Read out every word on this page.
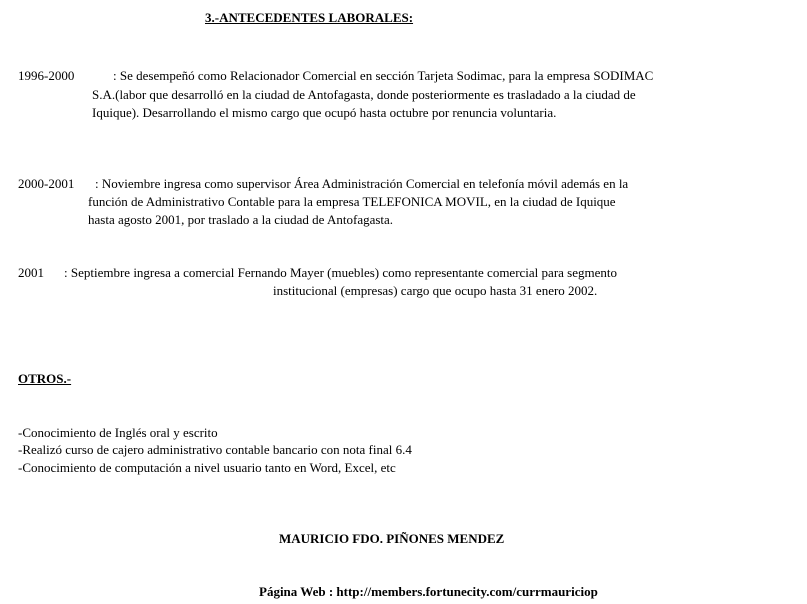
3.-ANTECEDENTES LABORALES:
1996-2000	: Se desempeñó como Relacionador Comercial en sección Tarjeta Sodimac, para la empresa SODIMAC
S.A.(labor que desarrolló en la ciudad de Antofagasta, donde posteriormente es trasladado a la ciudad de
Iquique). Desarrollando el mismo cargo que ocupó hasta octubre por renuncia voluntaria.
2000-2001 : Noviembre ingresa como supervisor Área Administración Comercial en telefonía móvil además en la
función de Administrativo Contable para la empresa TELEFONICA MOVIL, en la ciudad de Iquique
hasta agosto 2001, por traslado a la ciudad de Antofagasta.
2001 : Septiembre ingresa a comercial Fernando Mayer (muebles) como representante comercial para segmento
institucional (empresas) cargo que ocupo hasta 31 enero 2002.
OTROS.-
-Conocimiento de Inglés oral y escrito
-Realizó curso de cajero administrativo contable bancario con nota final 6.4
-Conocimiento de computación a nivel usuario tanto en Word, Excel, etc
MAURICIO FDO. PIÑONES MENDEZ
Página Web : http://members.fortunecity.com/currmauriciop
